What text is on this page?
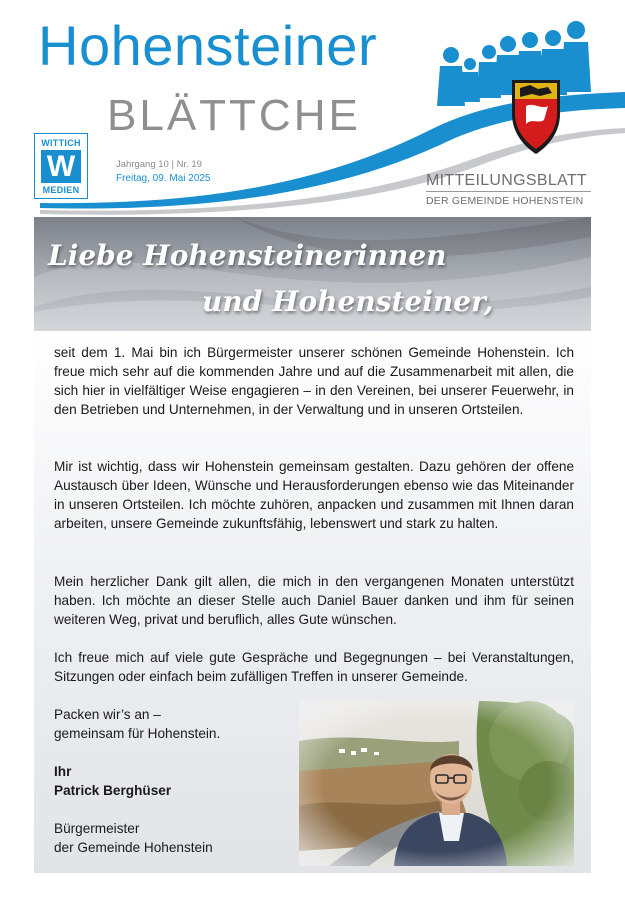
Hohensteiner
BLÄTTCHE
WITTICH
W
MEDIEN
Jahrgang 10 | Nr. 19
Freitag, 09. Mai 2025	MITTEILUNGSBLATT
DER GEMEINDE HOHENSTEIN
Liebe Hohensteinerinnen
und Hohensteiner,

seit dem 1. Mai bin ich Bürgermeister unserer schönen Gemeinde Hohenstein. Ich freue mich sehr auf die kommenden Jahre und auf die Zusammenarbeit mit allen, die sich hier in vielfältiger Weise engagieren – in den Vereinen, bei unserer Feuerwehr, in den Betrieben und Unternehmen, in der Verwaltung und in unseren Ortsteilen.

Mir ist wichtig, dass wir Hohenstein gemeinsam gestalten. Dazu gehören der offene Austausch über Ideen, Wünsche und Herausforderungen ebenso wie das Miteinander in unseren Ortsteilen. Ich möchte zuhören, anpacken und zusammen mit Ihnen daran arbeiten, unsere Gemeinde zukunftsfähig, lebenswert und stark zu halten.

Mein herzlicher Dank gilt allen, die mich in den vergangenen Monaten unterstützt haben. Ich möchte an dieser Stelle auch Daniel Bauer danken und ihm für seinen weiteren Weg, privat und beruflich, alles Gute wünschen.

Ich freue mich auf viele gute Gespräche und Begegnungen – bei Veranstaltungen, Sitzungen oder einfach beim zufälligen Treffen in unserer Gemeinde.

Packen wir’s an –
gemeinsam für Hohenstein.
Ihr
Patrick Berghüser
Bürgermeister
der Gemeinde Hohenstein
